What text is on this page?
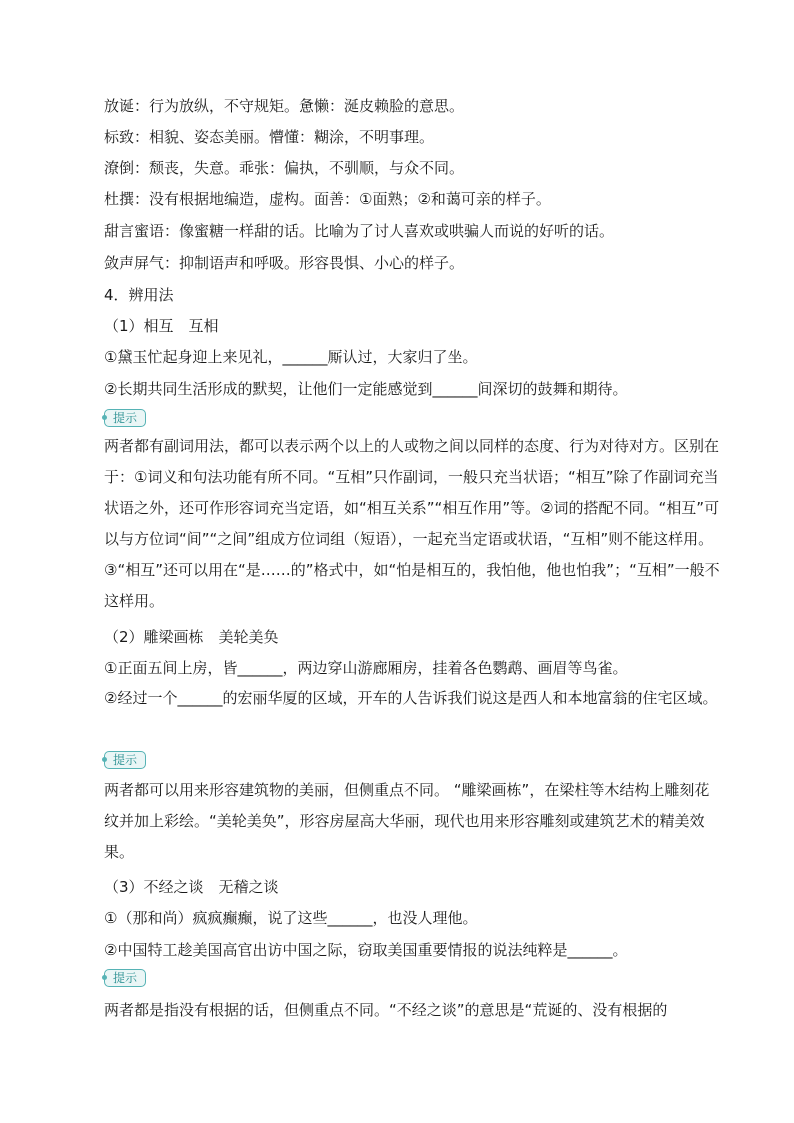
放诞：行为放纵，不守规矩。惫懒：涎皮赖脸的意思。
标致：相貌、姿态美丽。懵懂：糊涂，不明事理。
潦倒：颓丧，失意。乖张：偏执，不驯顺，与众不同。
杜撰：没有根据地编造，虚构。面善：①面熟；②和蔼可亲的样子。
甜言蜜语：像蜜糖一样甜的话。比喻为了讨人喜欢或哄骗人而说的好听的话。
敛声屏气：抑制语声和呼吸。形容畏惧、小心的样子。
4．辨用法
（1）相互　互相
①黛玉忙起身迎上来见礼，______厮认过，大家归了坐。
②长期共同生活形成的默契，让他们一定能感觉到______间深切的鼓舞和期待。
提示
两者都有副词用法，都可以表示两个以上的人或物之间以同样的态度、行为对待对方。区别在于：①词义和句法功能有所不同。“互相”只作副词，一般只充当状语；“相互”除了作副词充当状语之外，还可作形容词充当定语，如“相互关系”“相互作用”等。②词的搭配不同。“相互”可以与方位词“间”“之间”组成方位词组（短语），一起充当定语或状语，“互相”则不能这样用。③“相互”还可以用在“是……的”格式中，如“怕是相互的，我怕他，他也怕我”；“互相”一般不这样用。
（2）雕梁画栋　美轮美奂
①正面五间上房，皆______，两边穿山游廊厢房，挂着各色鹦鹉、画眉等鸟雀。
②经过一个______的宏丽华厦的区域，开车的人告诉我们说这是西人和本地富翁的住宅区域。
提示
两者都可以用来形容建筑物的美丽，但侧重点不同。 “雕梁画栋”，在梁柱等木结构上雕刻花纹并加上彩绘。“美轮美奂”，形容房屋高大华丽，现代也用来形容雕刻或建筑艺术的精美效果。
（3）不经之谈　无稽之谈
①（那和尚）疯疯癫癫，说了这些______，也没人理他。
②中国特工趁美国高官出访中国之际，窃取美国重要情报的说法纯粹是______。
提示
两者都是指没有根据的话，但侧重点不同。“不经之谈”的意思是“荒诞的、没有根据的
